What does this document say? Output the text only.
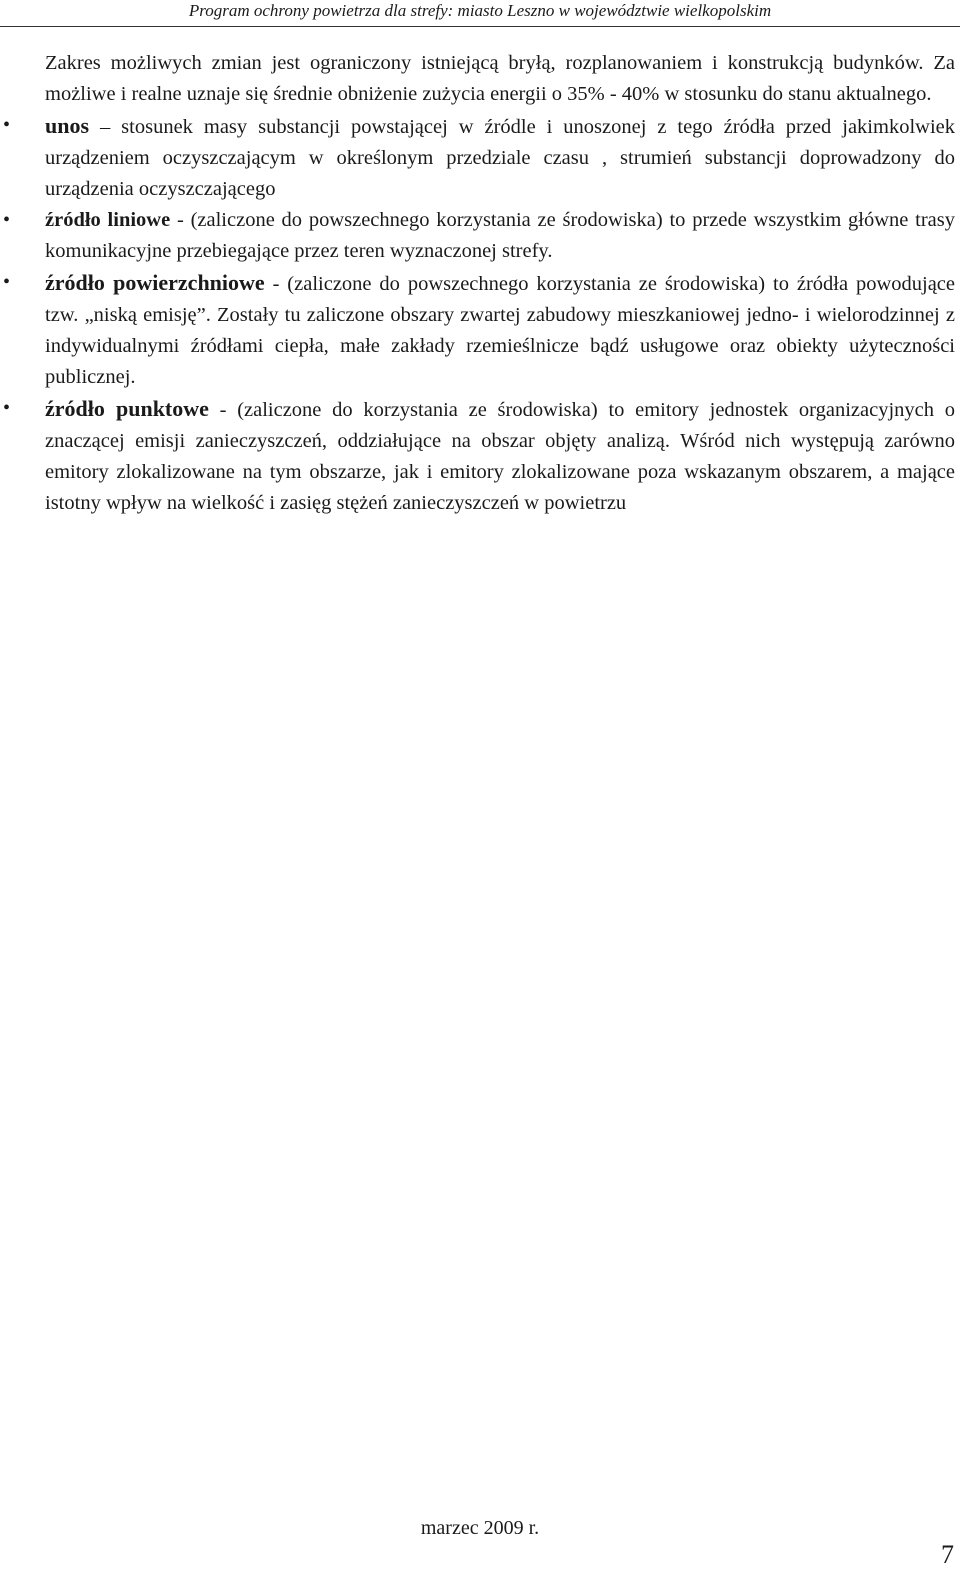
Program ochrony powietrza dla strefy: miasto Leszno w województwie wielkopolskim

Zakres możliwych zmian jest ograniczony istniejącą bryłą, rozplanowaniem i konstrukcją budynków. Za możliwe i realne uznaje się średnie obniżenie zużycia energii o 35% - 40% w stosunku do stanu aktualnego.

• unos – stosunek masy substancji powstającej w źródle i unoszonej z tego źródła przed jakimkolwiek urządzeniem oczyszczającym w określonym przedziale czasu , strumień substancji doprowadzony do urządzenia oczyszczającego

• źródło liniowe - (zaliczone do powszechnego korzystania ze środowiska) to przede wszystkim główne trasy komunikacyjne przebiegające przez teren wyznaczonej strefy.

• źródło powierzchniowe - (zaliczone do powszechnego korzystania ze środowiska) to źródła powodujące tzw. „niską emisję”. Zostały tu zaliczone obszary zwartej zabudowy mieszkaniowej jedno- i wielorodzinnej z indywidualnymi źródłami ciepła, małe zakłady rzemieślnicze bądź usługowe oraz obiekty użyteczności publicznej.

• źródło punktowe - (zaliczone do korzystania ze środowiska) to emitory jednostek organizacyjnych o znaczącej emisji zanieczyszczeń, oddziałujące na obszar objęty analizą. Wśród nich występują zarówno emitory zlokalizowane na tym obszarze, jak i emitory zlokalizowane poza wskazanym obszarem, a mające istotny wpływ na wielkość i zasięg stężeń zanieczyszczeń w powietrzu

marzec 2009 r.
7
